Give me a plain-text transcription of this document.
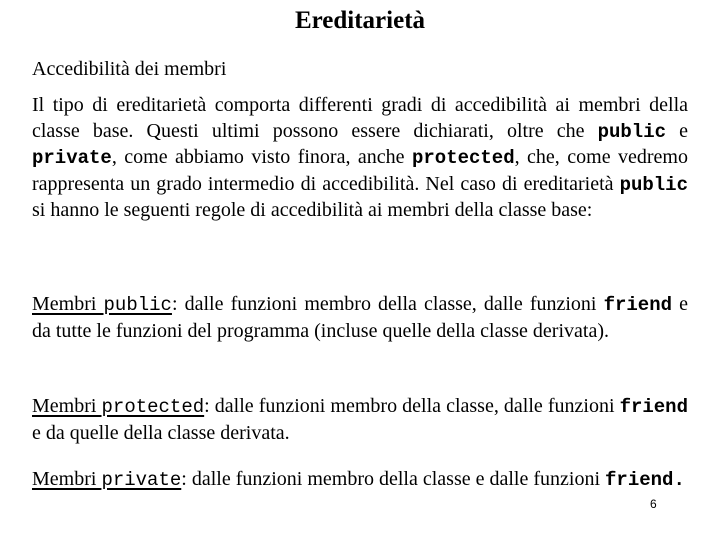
Ereditarietà
Accedibilità dei membri

Il tipo di ereditarietà comporta differenti gradi di accedibilità ai membri della classe base. Questi ultimi possono essere dichiarati, oltre che public e private, come abbiamo visto finora, anche protected, che, come vedremo rappresenta un grado intermedio di accedibilità. Nel caso di ereditarietà public si hanno le seguenti regole di accedibilità ai membri della classe base:

Membri public: dalle funzioni membro della classe, dalle funzioni friend e da tutte le funzioni del programma (incluse quelle della classe derivata).

Membri protected: dalle funzioni membro della classe, dalle funzioni friend e da quelle della classe derivata.

Membri private: dalle funzioni membro della classe e dalle funzioni friend.

6
